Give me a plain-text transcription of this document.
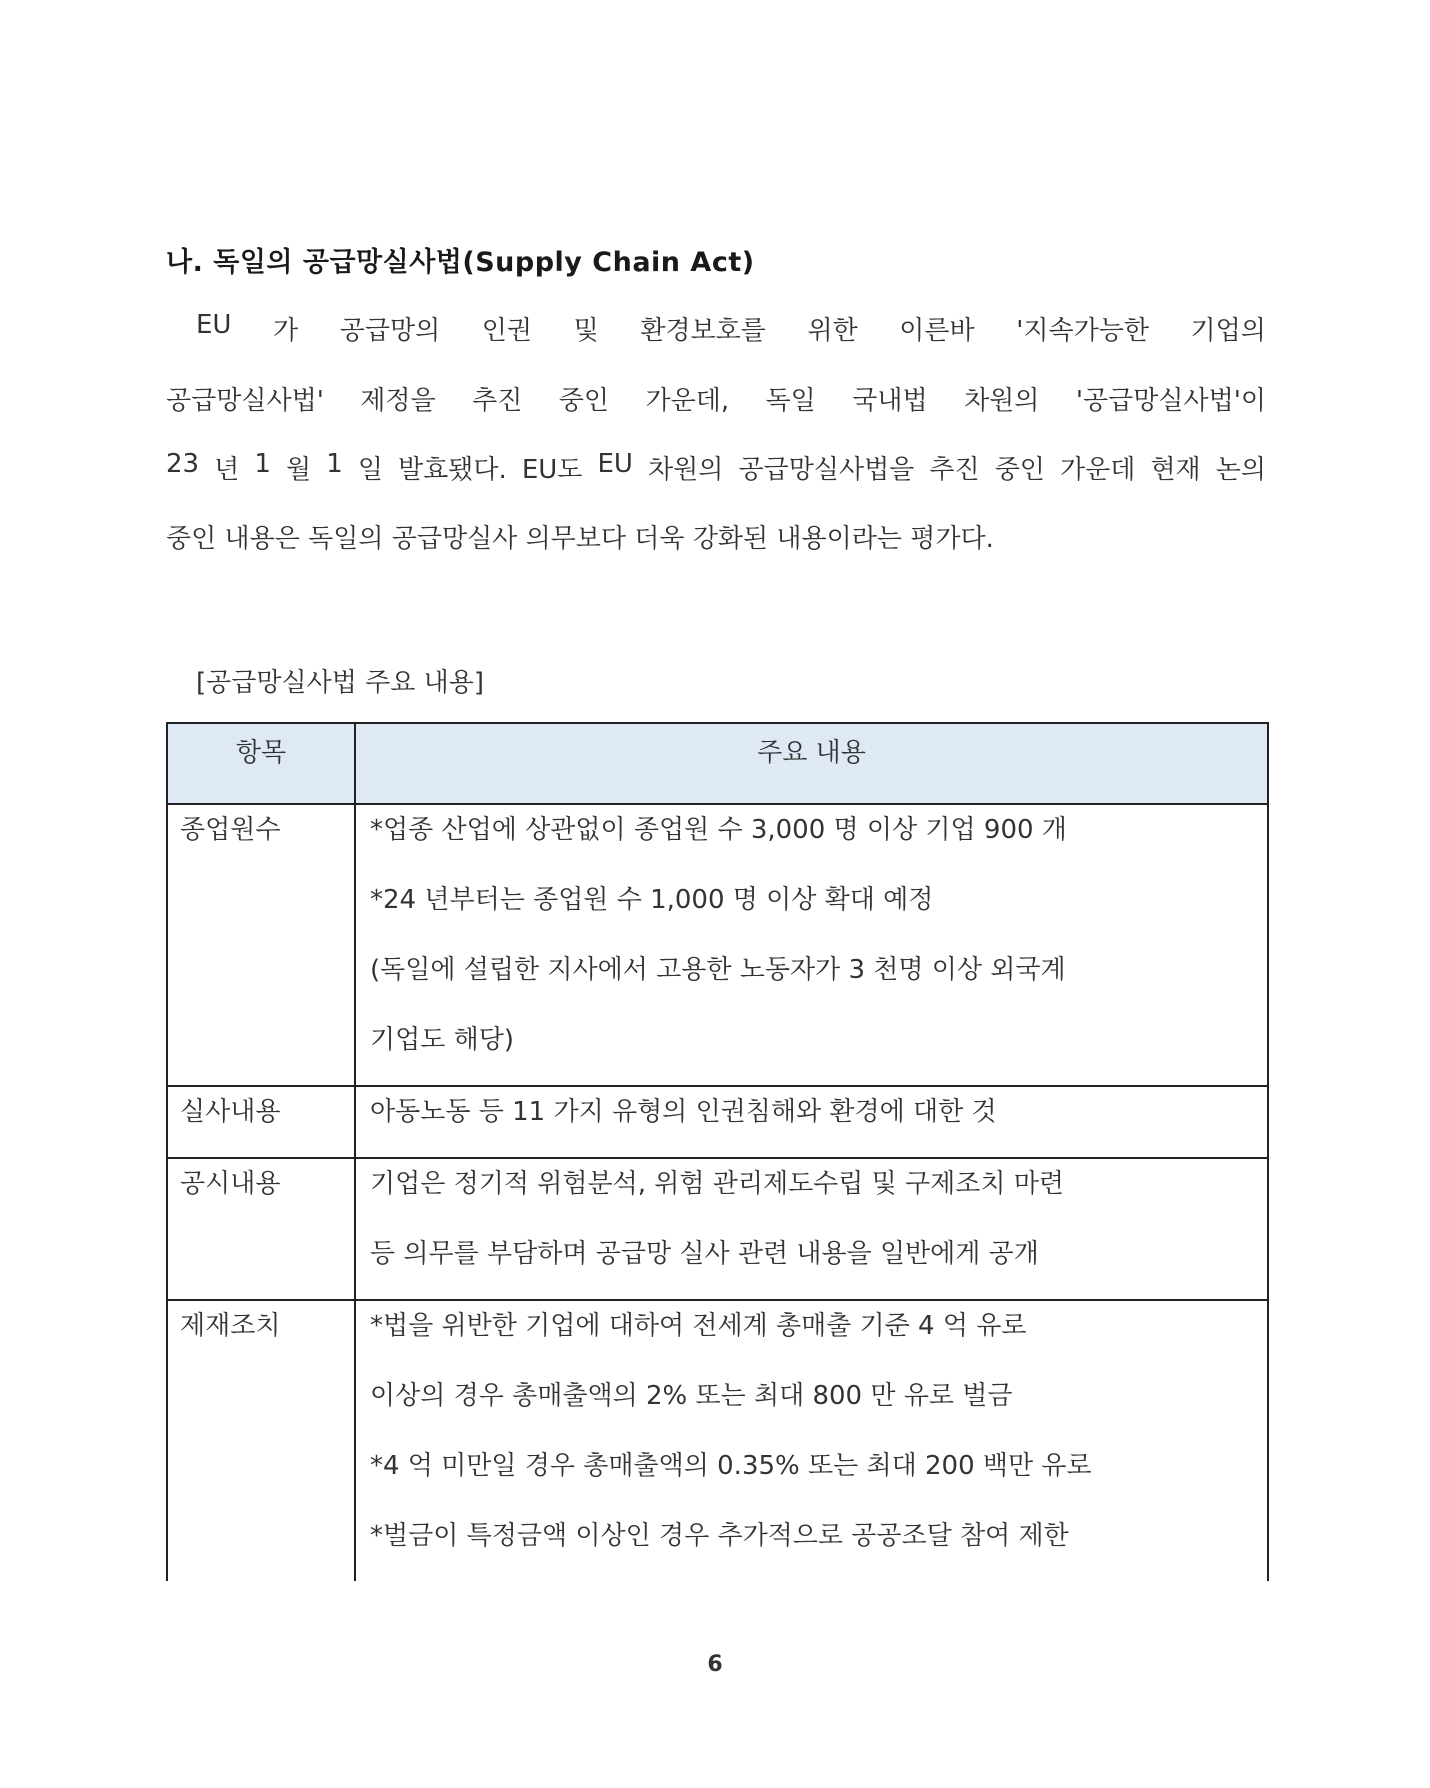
나. 독일의 공급망실사법(Supply Chain Act)
EU 가 공급망의 인권 및 환경보호를 위한 이른바 '지속가능한 기업의
공급망실사법' 제정을 추진 중인 가운데, 독일 국내법 차원의 '공급망실사법'이
23 년 1 월 1 일 발효됐다. EU도 EU 차원의 공급망실사법을 추진 중인 가운데 현재 논의
중인 내용은 독일의 공급망실사 의무보다 더욱 강화된 내용이라는 평가다.
[공급망실사법 주요 내용]
항목	주요 내용

종업원수	*업종 산업에 상관없이 종업원 수 3,000 명 이상 기업 900 개
*24 년부터는 종업원 수 1,000 명 이상 확대 예정
(독일에 설립한 지사에서 고용한 노동자가 3 천명 이상 외국계
기업도 해당)

실사내용	아동노동 등 11 가지 유형의 인권침해와 환경에 대한 것

공시내용	기업은 정기적 위험분석, 위험 관리제도수립 및 구제조치 마련
등 의무를 부담하며 공급망 실사 관련 내용을 일반에게 공개

제재조치	*법을 위반한 기업에 대하여 전세계 총매출 기준 4 억 유로
이상의 경우 총매출액의 2% 또는 최대 800 만 유로 벌금
*4 억 미만일 경우 총매출액의 0.35% 또는 최대 200 백만 유로
*벌금이 특정금액 이상인 경우 추가적으로 공공조달 참여 제한
6
